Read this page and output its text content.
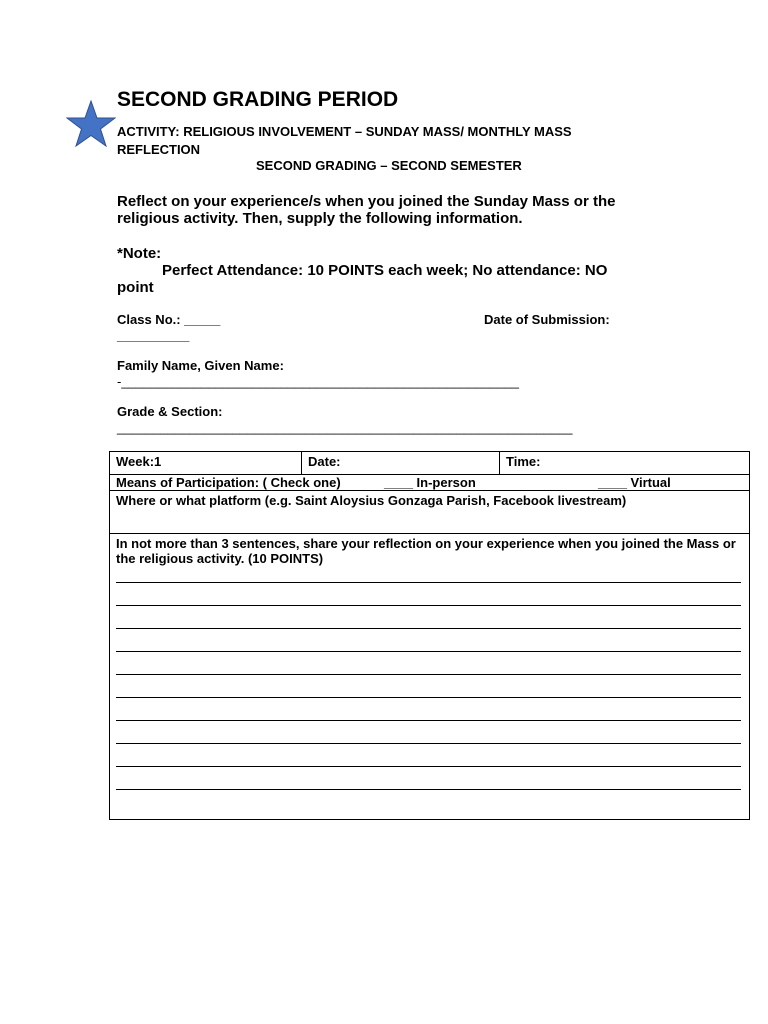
SECOND GRADING PERIOD
ACTIVITY: RELIGIOUS INVOLVEMENT – SUNDAY MASS/ MONTHLY MASS REFLECTION
SECOND GRADING – SECOND SEMESTER
Reflect on your experience/s when you joined the Sunday Mass or the religious activity. Then, supply the following information.
*Note:
Perfect Attendance: 10 POINTS each week; No attendance: NO
point
Class No.: _____
__________
Date of Submission:
Family Name, Given Name:
-_______________________________________________________
Grade & Section:
_______________________________________________________________
Week:1	Date:	Time:

Means of Participation: ( Check one)	____ In-person	____ Virtual

Where or what platform (e.g. Saint Aloysius Gonzaga Parish, Facebook livestream)

In not more than 3 sentences, share your reflection on your experience when you joined the Mass or the religious activity. (10 POINTS)
